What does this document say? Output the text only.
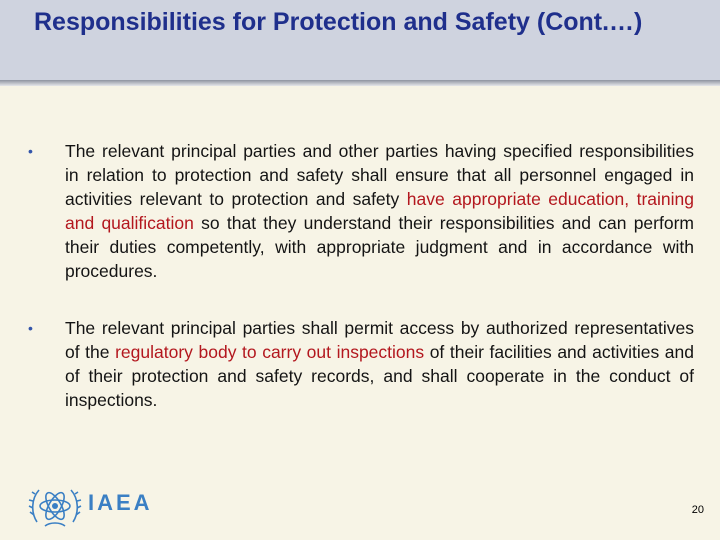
Responsibilities for Protection and Safety (Cont.…)
•	The relevant principal parties and other parties having specified responsibilities in relation to protection and safety shall ensure that all personnel engaged in activities relevant to protection and safety have appropriate education, training and qualification so that they understand their responsibilities and can perform their duties competently, with appropriate judgment and in accordance with procedures.
•	The relevant principal parties shall permit access by authorized representatives of the regulatory body to carry out inspections of their facilities and activities and of their protection and safety records, and shall cooperate in the conduct of inspections.
IAEA	20
